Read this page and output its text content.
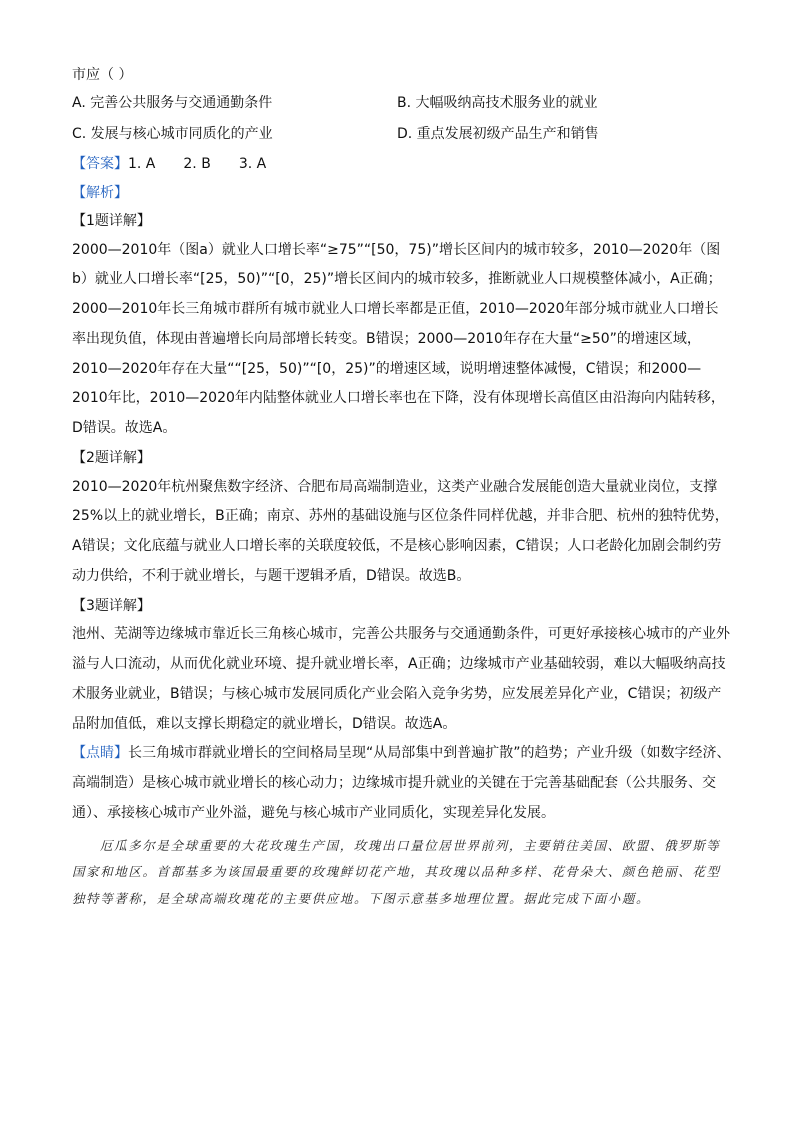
市应（ ）
A. 完善公共服务与交通通勤条件	B. 大幅吸纳高技术服务业的就业
C. 发展与核心城市同质化的产业	D. 重点发展初级产品生产和销售
【答案】1. A 2. B 3. A
【解析】
【1题详解】

2000—2010年（图a）就业人口增长率“≥75”“[50，75)”增长区间内的城市较多，2010—2020年（图b）就业人口增长率“[25，50)”“[0，25)”增长区间内的城市较多，推断就业人口规模整体减小，A正确；2000—2010年长三角城市群所有城市就业人口增长率都是正值，2010—2020年部分城市就业人口增长率出现负值，体现由普遍增长向局部增长转变。B错误；2000—2010年存在大量“≥50”的增速区域，2010—2020年存在大量““[25，50)”“[0，25)”的增速区域，说明增速整体减慢，C错误；和2000—2010年比，2010—2020年内陆整体就业人口增长率也在下降，没有体现增长高值区由沿海向内陆转移，D错误。故选A。

【2题详解】

2010—2020年杭州聚焦数字经济、合肥布局高端制造业，这类产业融合发展能创造大量就业岗位，支撑25%以上的就业增长，B正确；南京、苏州的基础设施与区位条件同样优越，并非合肥、杭州的独特优势，A错误；文化底蕴与就业人口增长率的关联度较低，不是核心影响因素，C错误；人口老龄化加剧会制约劳动力供给，不利于就业增长，与题干逻辑矛盾，D错误。故选B。

【3题详解】

池州、芜湖等边缘城市靠近长三角核心城市，完善公共服务与交通通勤条件，可更好承接核心城市的产业外溢与人口流动，从而优化就业环境、提升就业增长率，A正确；边缘城市产业基础较弱，难以大幅吸纳高技术服务业就业，B错误；与核心城市发展同质化产业会陷入竞争劣势，应发展差异化产业，C错误；初级产品附加值低，难以支撑长期稳定的就业增长，D错误。故选A。

【点睛】长三角城市群就业增长的空间格局呈现“从局部集中到普遍扩散”的趋势；产业升级（如数字经济、高端制造）是核心城市就业增长的核心动力；边缘城市提升就业的关键在于完善基础配套（公共服务、交通）、承接核心城市产业外溢，避免与核心城市产业同质化，实现差异化发展。

厄瓜多尔是全球重要的大花玫瑰生产国，玫瑰出口量位居世界前列，主要销往美国、欧盟、俄罗斯等国家和地区。首都基多为该国最重要的玫瑰鲜切花产地，其玫瑰以品种多样、花骨朵大、颜色艳丽、花型独特等著称，是全球高端玫瑰花的主要供应地。下图示意基多地理位置。据此完成下面小题。
